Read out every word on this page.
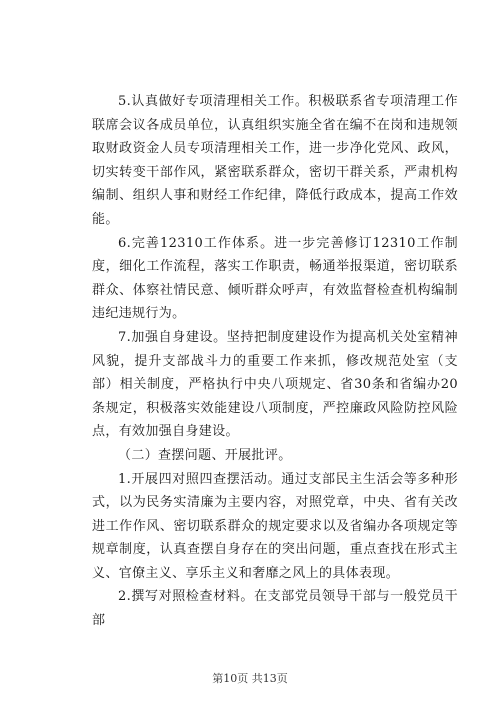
5.认真做好专项清理相关工作。积极联系省专项清理工作联席会议各成员单位，认真组织实施全省在编不在岗和违规领取财政资金人员专项清理相关工作，进一步净化党风、政风，切实转变干部作风，紧密联系群众，密切干群关系，严肃机构编制、组织人事和财经工作纪律，降低行政成本，提高工作效能。

6.完善12310工作体系。进一步完善修订12310工作制度，细化工作流程，落实工作职责，畅通举报渠道，密切联系群众、体察社情民意、倾听群众呼声，有效监督检查机构编制违纪违规行为。

7.加强自身建设。坚持把制度建设作为提高机关处室精神风貌，提升支部战斗力的重要工作来抓，修改规范处室（支部）相关制度，严格执行中央八项规定、省30条和省编办20条规定，积极落实效能建设八项制度，严控廉政风险防控风险点，有效加强自身建设。

（二）查摆问题、开展批评。

1.开展四对照四查摆活动。通过支部民主生活会等多种形式，以为民务实清廉为主要内容，对照党章，中央、省有关改进工作作风、密切联系群众的规定要求以及省编办各项规定等规章制度，认真查摆自身存在的突出问题，重点查找在形式主义、官僚主义、享乐主义和奢靡之风上的具体表现。

2.撰写对照检查材料。在支部党员领导干部与一般党员干部

第10页 共13页
